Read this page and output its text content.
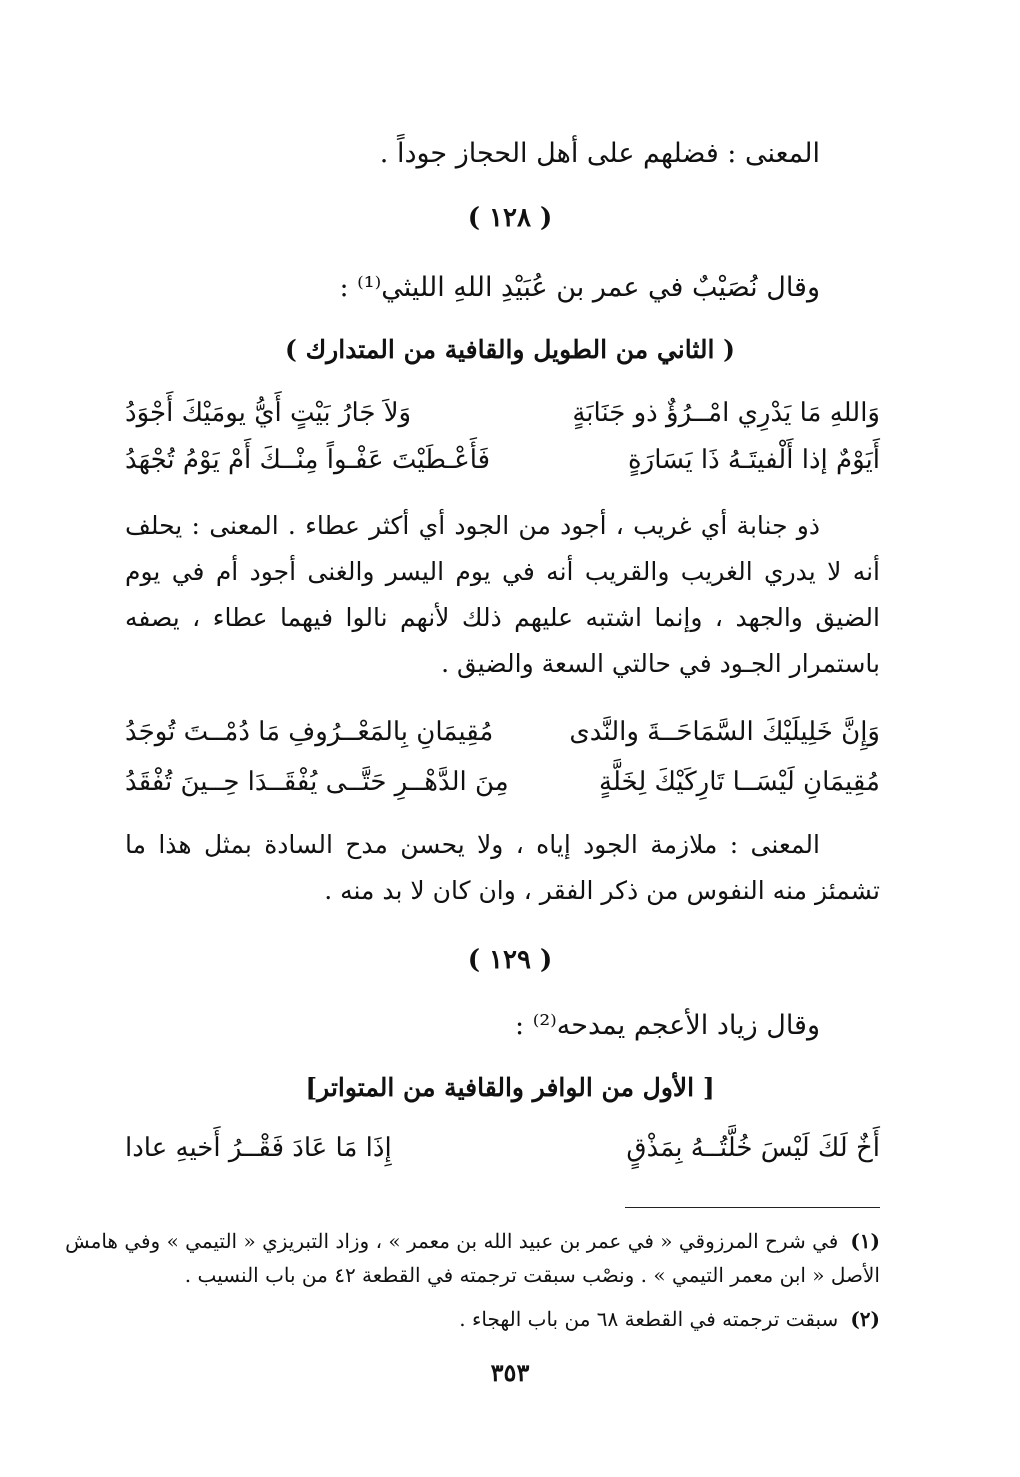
المعنى : فضلهم على أهل الحجاز جوداً .
( ١٢٨ )
وقال نُصَيْبٌ في عمر بن عُبَيْدِ اللهِ الليثي⁽¹⁾ :
( الثاني من الطويل والقافية من المتدارك )
وَاللهِ مَا يَدْرِي امْــرُؤٌ ذو جَنَابَةٍ
وَلاَ جَارُ بَيْتٍ أَيُّ يومَيْكَ أَجْوَدُ
أَيَوْمٌ إذا أَلْفيتَـهُ ذَا يَسَارَةٍ
فَأَعْـطَيْتَ عَفْـواً مِنْــكَ أَمْ يَوْمُ تُجْهَدُ
ذو جنابة أي غريب ، أجود من الجود أي أكثر عطاء . المعنى : يحلف أنه لا يدري الغريب والقريب أنه في يوم اليسر والغنى أجود أم في يوم الضيق والجهد ، وإنما اشتبه عليهم ذلك لأنهم نالوا فيهما عطاء ، يصفه باستمرار الجـود في حالتي السعة والضيق .
وَإِنَّ خَلِيلَيْكَ السَّمَاحَــةَ والنَّدى
مُقِيمَانِ بِالمَعْــرُوفِ مَا دُمْــتَ تُوجَدُ
مُقِيمَانِ لَيْسَــا تَارِكَيْكَ لِخَلَّةٍ
مِنَ الدَّهْــرِ حَتَّــى يُفْقَــدَا حِــينَ تُفْقَدُ
المعنى : ملازمة الجود إياه ، ولا يحسن مدح السادة بمثل هذا ما تشمئز منه النفوس من ذكر الفقر ، وان كان لا بد منه .
( ١٢٩ )
وقال زياد الأعجم يمدحه⁽²⁾ :
[ الأول من الوافر والقافية من المتواتر]
أَخٌ لَكَ لَيْسَ خُلَّتُــهُ بِمَذْقٍ
إِذَا مَا عَادَ فَقْــرُ أَخيهِ عادا
(١)في شرح المرزوقي « في عمر بن عبيد الله بن معمر » ، وزاد التبريزي « التيمي » وفي هامش
الأصل « ابن معمر التيمي » . ونصْب سبقت ترجمته في القطعة ٤٢ من باب النسيب .
(٢)سبقت ترجمته في القطعة ٦٨ من باب الهجاء .
٣٥٣
